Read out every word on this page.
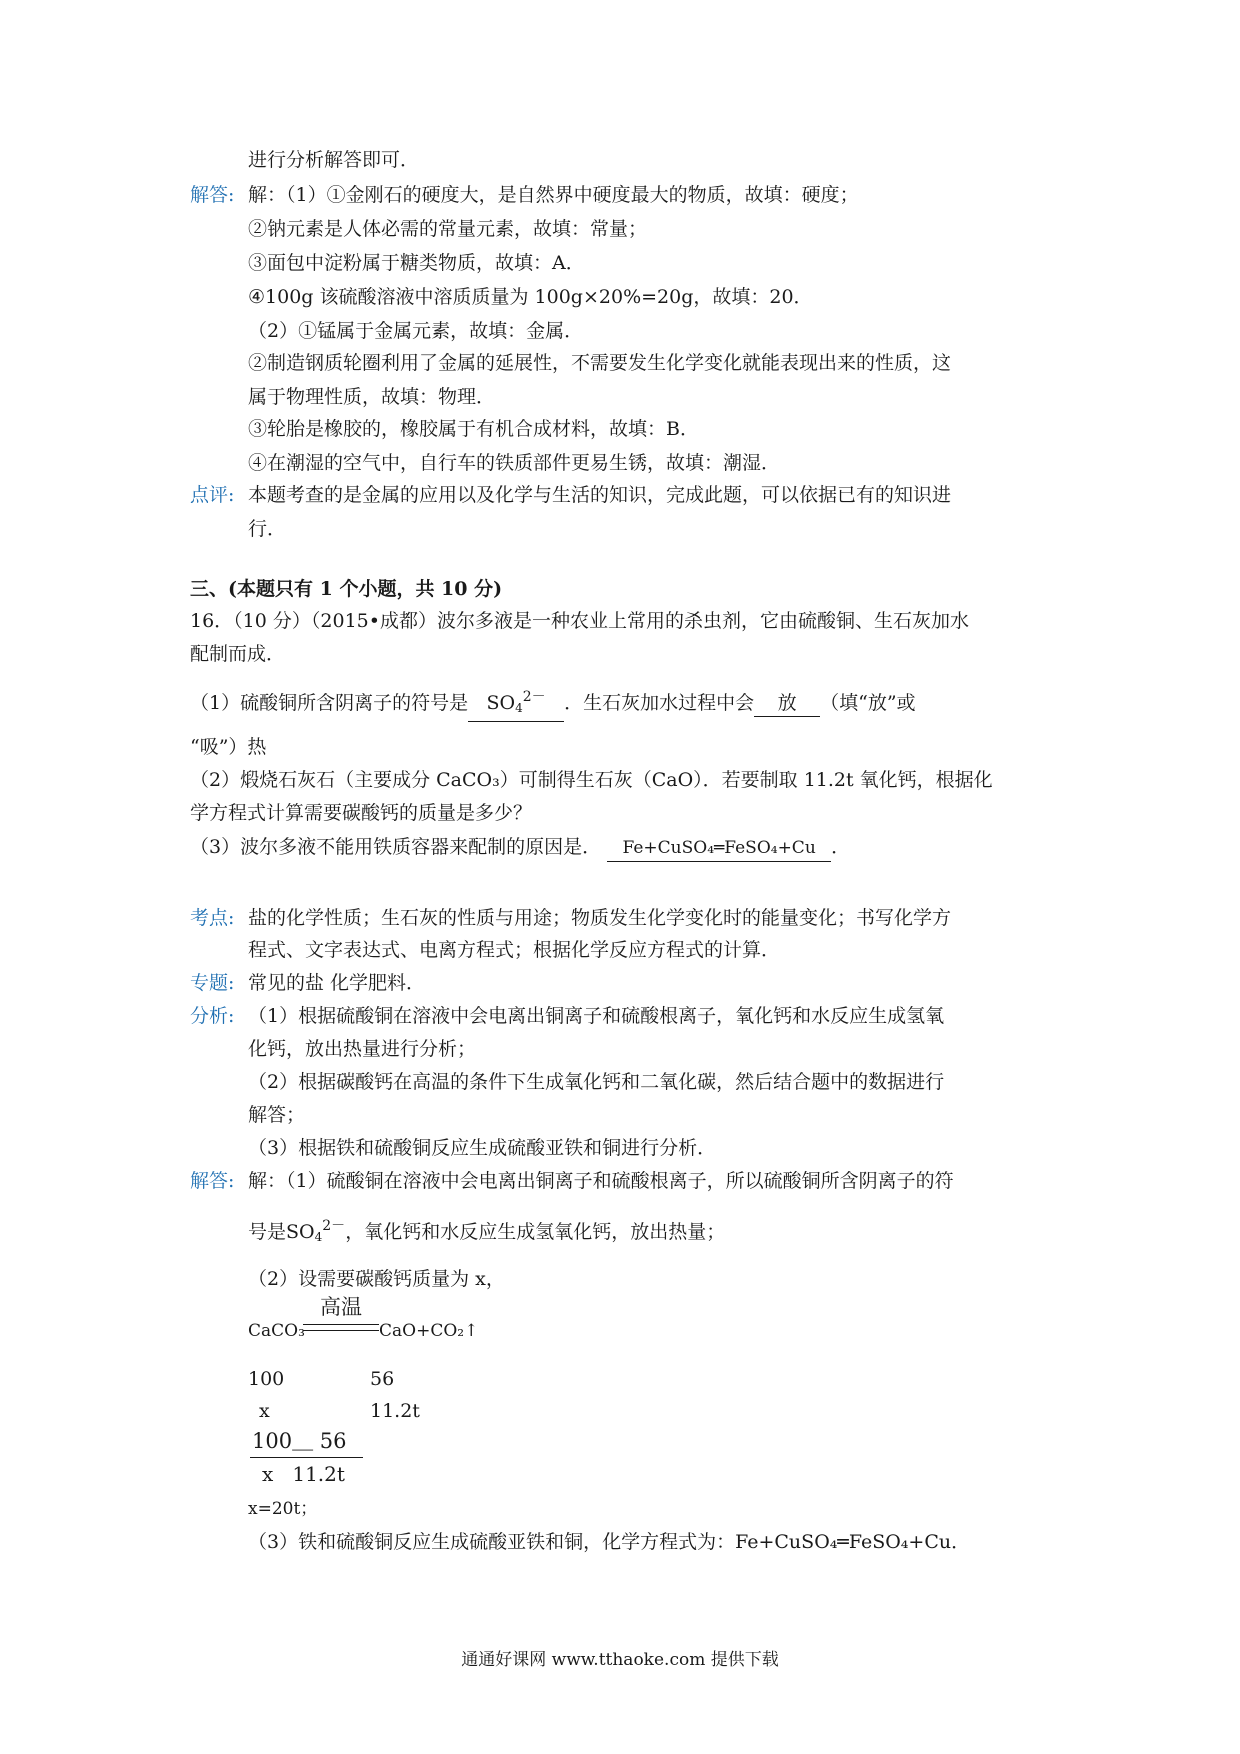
进行分析解答即可．
解答: 解：（1）①金刚石的硬度大，是自然界中硬度最大的物质，故填：硬度；
②钠元素是人体必需的常量元素，故填：常量；
③面包中淀粉属于糖类物质，故填：A．
④100g 该硫酸溶液中溶质质量为 100g×20%=20g，故填：20．
（2）①锰属于金属元素，故填：金属．
②制造钢质轮圈利用了金属的延展性，不需要发生化学变化就能表现出来的性质，这
属于物理性质，故填：物理．
③轮胎是橡胶的，橡胶属于有机合成材料，故填：B．
④在潮湿的空气中，自行车的铁质部件更易生锈，故填：潮湿．
点评: 本题考查的是金属的应用以及化学与生活的知识，完成此题，可以依据已有的知识进
行．
三、(本题只有 1 个小题，共 10 分)
16．（10 分）（2015•成都）波尔多液是一种农业上常用的杀虫剂，它由硫酸铜、生石灰加水
配制而成．
（1）硫酸铜所含阴离子的符号是 $SO_4^{2-}$ ．生石灰加水过程中会 放 （填“放”或
“吸”）热
（2）煅烧石灰石（主要成分 CaCO₃）可制得生石灰（CaO）．若要制取 11.2t 氧化钙，根据化
学方程式计算需要碳酸钙的质量是多少？
（3）波尔多液不能用铁质容器来配制的原因是． Fe+CuSO₄═FeSO₄+Cu ．
考点: 盐的化学性质；生石灰的性质与用途；物质发生化学变化时的能量变化；书写化学方
程式、文字表达式、电离方程式；根据化学反应方程式的计算．
专题: 常见的盐 化学肥料．
分析: （1）根据硫酸铜在溶液中会电离出铜离子和硫酸根离子，氧化钙和水反应生成氢氧
化钙，放出热量进行分析；
（2）根据碳酸钙在高温的条件下生成氧化钙和二氧化碳，然后结合题中的数据进行
解答；
（3）根据铁和硫酸铜反应生成硫酸亚铁和铜进行分析．
解答: 解：（1）硫酸铜在溶液中会电离出铜离子和硫酸根离子，所以硫酸铜所含阴离子的符
号是$SO_4^{2-}$，氧化钙和水反应生成氢氧化钙，放出热量；
（2）设需要碳酸钙质量为 x，
CaCO₃
高温
CaO+CO₂↑
100	56
x	11.2t
100＿ 56
x   11.2t
x=20t；
（3）铁和硫酸铜反应生成硫酸亚铁和铜，化学方程式为：Fe+CuSO₄═FeSO₄+Cu．
通通好课网 www.tthaoke.com 提供下载
